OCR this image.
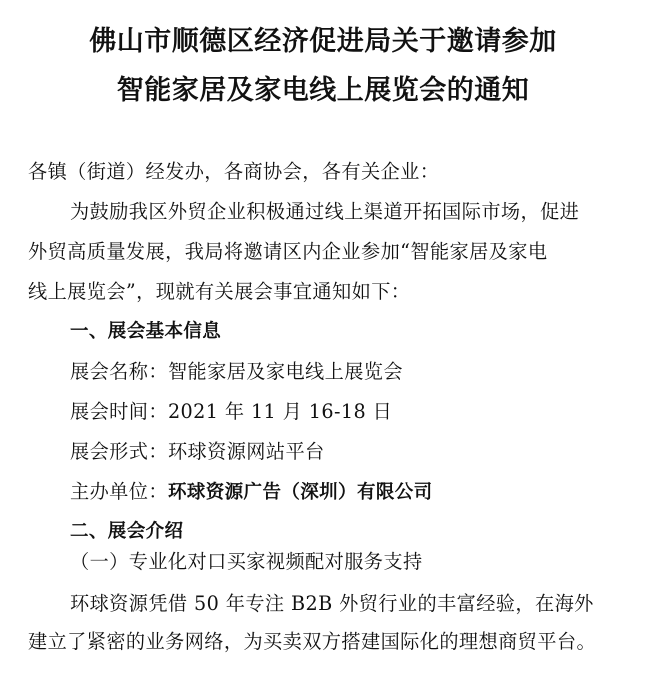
佛山市顺德区经济促进局关于邀请参加
智能家居及家电线上展览会的通知
各镇（街道）经发办，各商协会，各有关企业：
为鼓励我区外贸企业积极通过线上渠道开拓国际市场，促进
外贸高质量发展，我局将邀请区内企业参加“智能家居及家电
线上展览会”，现就有关展会事宜通知如下：
一、展会基本信息
展会名称：智能家居及家电线上展览会
展会时间：2021 年 11 月 16-18 日
展会形式：环球资源网站平台
主办单位：环球资源广告（深圳）有限公司
二、展会介绍
（一）专业化对口买家视频配对服务支持
环球资源凭借 50 年专注 B2B 外贸行业的丰富经验，在海外
建立了紧密的业务网络，为买卖双方搭建国际化的理想商贸平台。
